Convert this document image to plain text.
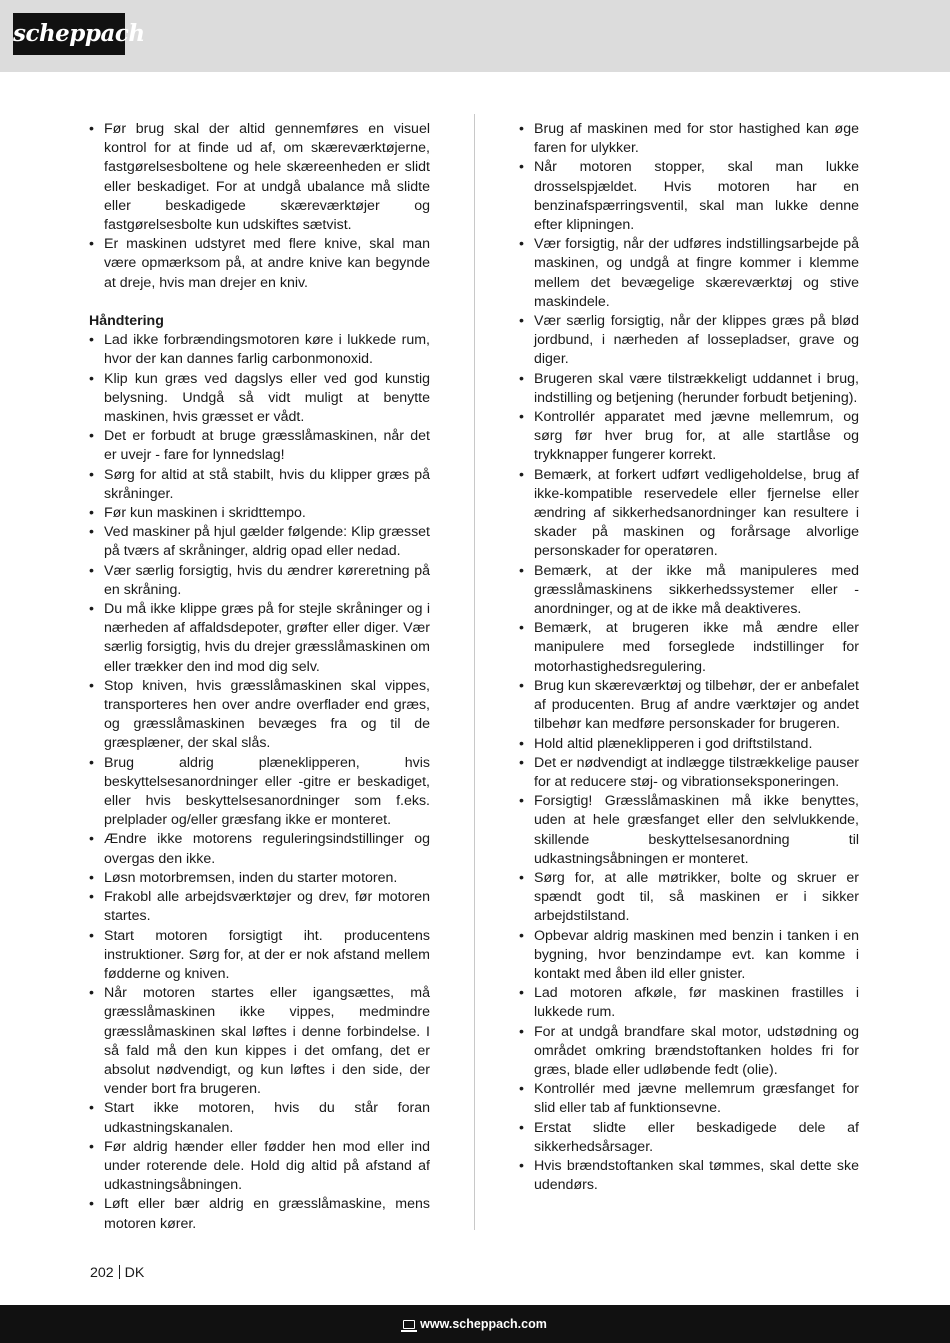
scheppach
• Før brug skal der altid gennemføres en visuel kontrol for at finde ud af, om skæreværktøjerne, fastgørelsesboltene og hele skæreenheden er slidt eller beskadiget. For at undgå ubalance må slidte eller beskadigede skæreværktøjer og fastgørelsesbolte kun udskiftes sætvist.
• Er maskinen udstyret med flere knive, skal man være opmærksom på, at andre knive kan begynde at dreje, hvis man drejer en kniv.
Håndtering
• Lad ikke forbrændingsmotoren køre i lukkede rum, hvor der kan dannes farlig carbonmonoxid.
• Klip kun græs ved dagslys eller ved god kunstig belysning. Undgå så vidt muligt at benytte maskinen, hvis græsset er vådt.
• Det er forbudt at bruge græsslåmaskinen, når det er uvejr - fare for lynnedslag!
• Sørg for altid at stå stabilt, hvis du klipper græs på skråninger.
• Før kun maskinen i skridttempo.
• Ved maskiner på hjul gælder følgende: Klip græsset på tværs af skråninger, aldrig opad eller nedad.
• Vær særlig forsigtig, hvis du ændrer køreretning på en skråning.
• Du må ikke klippe græs på for stejle skråninger og i nærheden af affaldsdepoter, grøfter eller diger. Vær særlig forsigtig, hvis du drejer græsslåmaskinen om eller trækker den ind mod dig selv.
• Stop kniven, hvis græsslåmaskinen skal vippes, transporteres hen over andre overflader end græs, og græsslåmaskinen bevæges fra og til de græsplæner, der skal slås.
• Brug aldrig plæneklipperen, hvis beskyttelsesanordninger eller -gitre er beskadiget, eller hvis beskyttelsesanordninger som f.eks. prelplader og/eller græsfang ikke er monteret.
• Ændre ikke motorens reguleringsindstillinger og overgas den ikke.
• Løsn motorbremsen, inden du starter motoren.
• Frakobl alle arbejdsværktøjer og drev, før motoren startes.
• Start motoren forsigtigt iht. producentens instruktioner. Sørg for, at der er nok afstand mellem fødderne og kniven.
• Når motoren startes eller igangsættes, må græsslåmaskinen ikke vippes, medmindre græsslåmaskinen skal løftes i denne forbindelse. I så fald må den kun kippes i det omfang, det er absolut nødvendigt, og kun løftes i den side, der vender bort fra brugeren.
• Start ikke motoren, hvis du står foran udkastningskanalen.
• Før aldrig hænder eller fødder hen mod eller ind under roterende dele. Hold dig altid på afstand af udkastningsåbningen.
• Løft eller bær aldrig en græsslåmaskine, mens motoren kører.
• Brug af maskinen med for stor hastighed kan øge faren for ulykker.
• Når motoren stopper, skal man lukke drosselspjældet. Hvis motoren har en benzinafspærringsventil, skal man lukke denne efter klipningen.
• Vær forsigtig, når der udføres indstillingsarbejde på maskinen, og undgå at fingre kommer i klemme mellem det bevægelige skæreværktøj og stive maskindele.
• Vær særlig forsigtig, når der klippes græs på blød jordbund, i nærheden af lossepladser, grave og diger.
• Brugeren skal være tilstrækkeligt uddannet i brug, indstilling og betjening (herunder forbudt betjening).
• Kontrollér apparatet med jævne mellemrum, og sørg før hver brug for, at alle startlåse og trykknapper fungerer korrekt.
• Bemærk, at forkert udført vedligeholdelse, brug af ikke-kompatible reservedele eller fjernelse eller ændring af sikkerhedsanordninger kan resultere i skader på maskinen og forårsage alvorlige personskader for operatøren.
• Bemærk, at der ikke må manipuleres med græsslåmaskinens sikkerhedssystemer eller -anordninger, og at de ikke må deaktiveres.
• Bemærk, at brugeren ikke må ændre eller manipulere med forseglede indstillinger for motorhastighedsregulering.
• Brug kun skæreværktøj og tilbehør, der er anbefalet af producenten. Brug af andre værktøjer og andet tilbehør kan medføre personskader for brugeren.
• Hold altid plæneklipperen i god driftstilstand.
• Det er nødvendigt at indlægge tilstrækkelige pauser for at reducere støj- og vibrationseksponeringen.
• Forsigtig! Græsslåmaskinen må ikke benyttes, uden at hele græsfanget eller den selvlukkende, skillende beskyttelsesanordning til udkastningsåbningen er monteret.
• Sørg for, at alle møtrikker, bolte og skruer er spændt godt til, så maskinen er i sikker arbejdstilstand.
• Opbevar aldrig maskinen med benzin i tanken i en bygning, hvor benzindampe evt. kan komme i kontakt med åben ild eller gnister.
• Lad motoren afkøle, før maskinen frastilles i lukkede rum.
• For at undgå brandfare skal motor, udstødning og området omkring brændstoftanken holdes fri for græs, blade eller udløbende fedt (olie).
• Kontrollér med jævne mellemrum græsfanget for slid eller tab af funktionsevne.
• Erstat slidte eller beskadigede dele af sikkerhedsårsager.
• Hvis brændstoftanken skal tømmes, skal dette ske udendørs.
202 DK
www.scheppach.com
